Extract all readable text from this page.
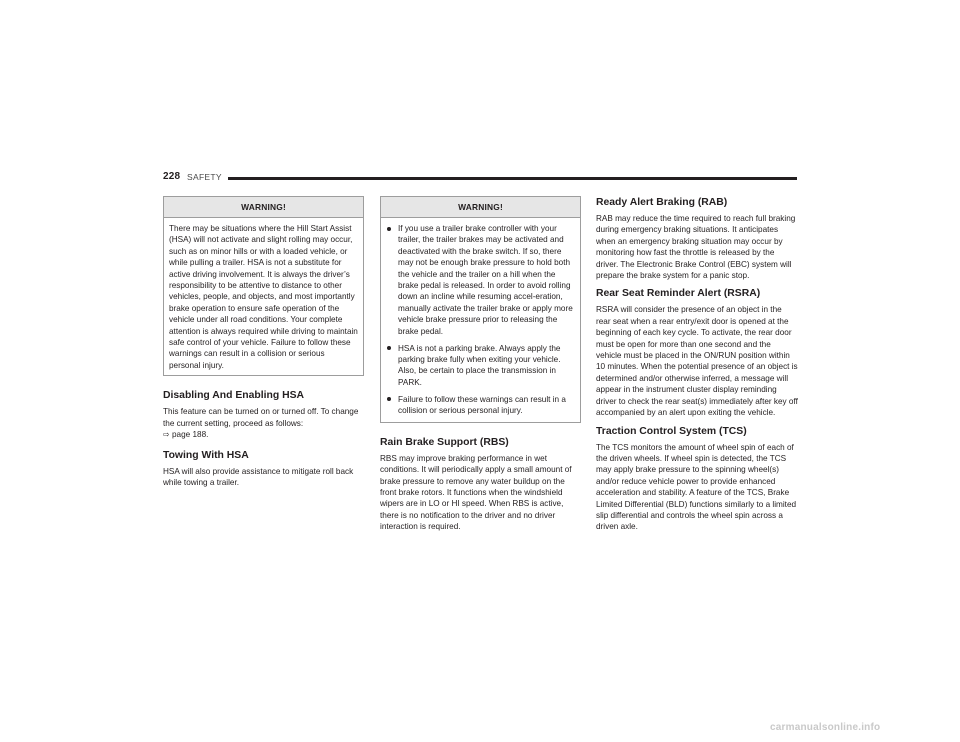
228 SAFETY
WARNING!
There may be situations where the Hill Start Assist (HSA) will not activate and slight rolling may occur, such as on minor hills or with a loaded vehicle, or while pulling a trailer. HSA is not a substitute for active driving involvement. It is always the driver’s responsibility to be attentive to distance to other vehicles, people, and objects, and most importantly brake operation to ensure safe operation of the vehicle under all road conditions. Your complete attention is always required while driving to maintain safe control of your vehicle. Failure to follow these warnings can result in a collision or serious personal injury.
Disabling And Enabling HSA

This feature can be turned on or turned off. To change the current setting, proceed as follows:
⇨ page 188.

Towing With HSA

HSA will also provide assistance to mitigate roll back while towing a trailer.

WARNING!
If you use a trailer brake controller with your trailer, the trailer brakes may be activated and deactivated with the brake switch. If so, there may not be enough brake pressure to hold both the vehicle and the trailer on a hill when the brake pedal is released. In order to avoid rolling down an incline while resuming accel-eration, manually activate the trailer brake or apply more vehicle brake pressure prior to releasing the brake pedal.
HSA is not a parking brake. Always apply the parking brake fully when exiting your vehicle. Also, be certain to place the transmission in PARK.
Failure to follow these warnings can result in a collision or serious personal injury.
Rain Brake Support (RBS)

RBS may improve braking performance in wet conditions. It will periodically apply a small amount of brake pressure to remove any water buildup on the front brake rotors. It functions when the windshield wipers are in LO or HI speed. When RBS is active, there is no notification to the driver and no driver interaction is required.

Ready Alert Braking (RAB)

RAB may reduce the time required to reach full braking during emergency braking situations. It anticipates when an emergency braking situation may occur by monitoring how fast the throttle is released by the driver. The Electronic Brake Control (EBC) system will prepare the brake system for a panic stop.

Rear Seat Reminder Alert (RSRA)

RSRA will consider the presence of an object in the rear seat when a rear entry/exit door is opened at the beginning of each key cycle. To activate, the rear door must be open for more than one second and the vehicle must be placed in the ON/RUN position within 10 minutes. When the potential presence of an object is determined and/or otherwise inferred, a message will appear in the instrument cluster display reminding driver to check the rear seat(s) immediately after key off accompanied by an alert upon exiting the vehicle.

Traction Control System (TCS)

The TCS monitors the amount of wheel spin of each of the driven wheels. If wheel spin is detected, the TCS may apply brake pressure to the spinning wheel(s) and/or reduce vehicle power to provide enhanced acceleration and stability. A feature of the TCS, Brake Limited Differential (BLD) functions similarly to a limited slip differential and controls the wheel spin across a driven axle.

carmanualsonline.info
